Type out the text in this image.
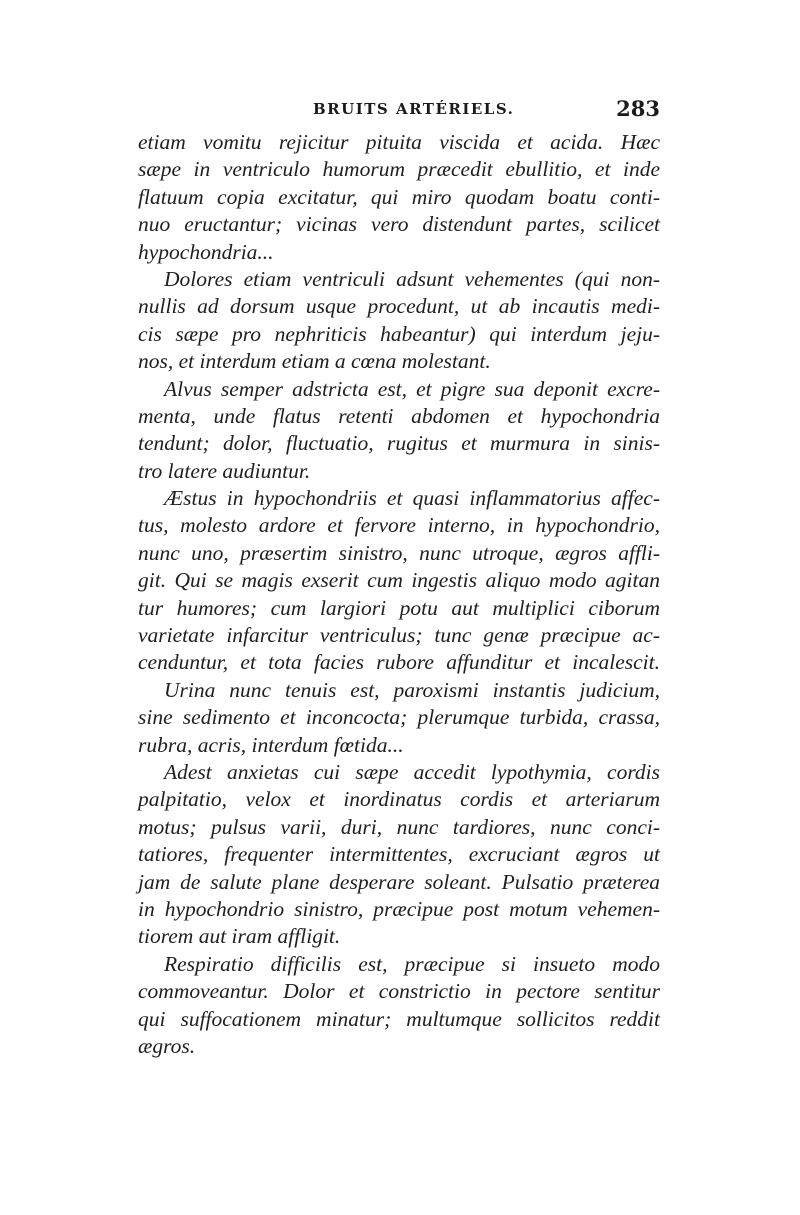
BRUITS ARTÉRIELS.	283
etiam vomitu rejicitur pituita viscida et acida. Hæc
sæpe in ventriculo humorum præcedit ebullitio, et inde
flatuum copia excitatur, qui miro quodam boatu conti-
nuo eructantur; vicinas vero distendunt partes, scilicet
hypochondria...
Dolores etiam ventriculi adsunt vehementes (qui non-
nullis ad dorsum usque procedunt, ut ab incautis medi-
cis sæpe pro nephriticis habeantur) qui interdum jeju-
nos, et interdum etiam a cœna molestant.
Alvus semper adstricta est, et pigre sua deponit excre-
menta, unde flatus retenti abdomen et hypochondria
tendunt; dolor, fluctuatio, rugitus et murmura in sinis-
tro latere audiuntur.
Æstus in hypochondriis et quasi inflammatorius affec-
tus, molesto ardore et fervore interno, in hypochondrio,
nunc uno, præsertim sinistro, nunc utroque, ægros affli-
git. Qui se magis exserit cum ingestis aliquo modo agitan
tur humores; cum largiori potu aut multiplici ciborum
varietate infarcitur ventriculus; tunc genæ præcipue ac-
cenduntur, et tota facies rubore affunditur et incalescit.
Urina nunc tenuis est, paroxismi instantis judicium,
sine sedimento et inconcocta; plerumque turbida, crassa,
rubra, acris, interdum fœtida...
Adest anxietas cui sæpe accedit lypothymia, cordis
palpitatio, velox et inordinatus cordis et arteriarum
motus; pulsus varii, duri, nunc tardiores, nunc conci-
tatiores, frequenter intermittentes, excruciant ægros ut
jam de salute plane desperare soleant. Pulsatio præterea
in hypochondrio sinistro, præcipue post motum vehemen-
tiorem aut iram affligit.
Respiratio difficilis est, præcipue si insueto modo
commoveantur. Dolor et constrictio in pectore sentitur
qui suffocationem minatur; multumque sollicitos reddit
ægros.
